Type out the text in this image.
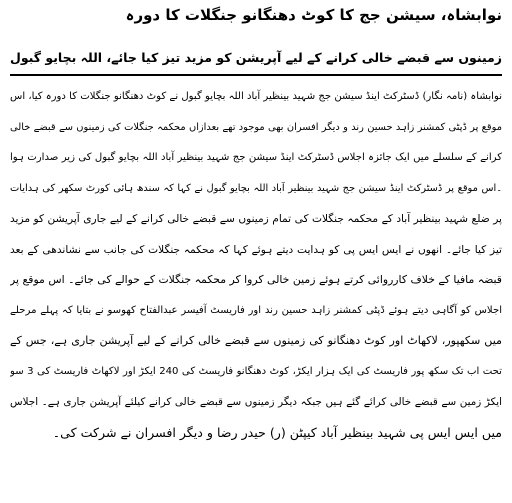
نوابشاہ، سیشن جج کا کوٹ دھنگانو جنگلات کا دورہ
زمینوں سے قبضے خالی کرانے کے لیے آپریشن کو مزید تیز کیا جائے، اللہ بچایو گبول
نوابشاہ (نامہ نگار) ڈسٹرکٹ اینڈ سیشن جج شہید بینظیر آباد اللہ بچایو گبول نے کوٹ دھنگانو جنگلات کا دورہ کیا، اس
موقع پر ڈپٹی کمشنر زاہد حسین رند و دیگر افسران بھی موجود تھے بعدازاں محکمہ جنگلات کی زمینوں سے قبضے خالی
کرانے کے سلسلے میں ایک جائزہ اجلاس ڈسٹرکٹ اینڈ سیشن جج شہید بینظیر آباد اللہ بچایو گبول کی زیر صدارت ہوا
۔اس موقع پر ڈسٹرکٹ اینڈ سیشن جج شہید بینظیر آباد اللہ بچایو گبول نے کہا کہ سندھ ہائی کورٹ سکھر کی ہدایات
پر ضلع شہید بینظیر آباد کے محکمہ جنگلات کی تمام زمینوں سے قبضے خالی کرانے کے لیے جاری آپریشن کو مزید
تیز کیا جائے۔ انھوں نے ایس ایس پی کو ہدایت دیتے ہوئے کہا کہ محکمہ جنگلات کی جانب سے نشاندھی کے بعد
قبضہ مافیا کے خلاف کارروائی کرتے ہوئے زمین خالی کروا کر محکمہ جنگلات کے حوالے کی جائے۔ اس موقع پر
اجلاس کو آگاہی دیتے ہوئے ڈپٹی کمشنر زاہد حسین رند اور فاریسٹ آفیسر عبدالفتاح کھوسو نے بتایا کہ پہلے مرحلے
میں سکھپور، لاکھاٹ اور کوٹ دھنگانو کی زمینوں سے قبضے خالی کرانے کے لیے آپریشن جاری ہے، جس کے
تحت اب تک سکھ پور فاریسٹ کی ایک ہزار ایکڑ، کوٹ دھنگانو فاریسٹ کی 240 ایکڑ اور لاکھاٹ فاریسٹ کی 3 سو
ایکڑ زمین سے قبضے خالی کرائے گئے ہیں جبکہ دیگر زمینوں سے قبضے خالی کرانے کیلئے آپریشن جاری ہے۔ اجلاس
میں ایس ایس پی شہید بینظیر آباد کیپٹن (ر) حیدر رضا و دیگر افسران نے شرکت کی۔
